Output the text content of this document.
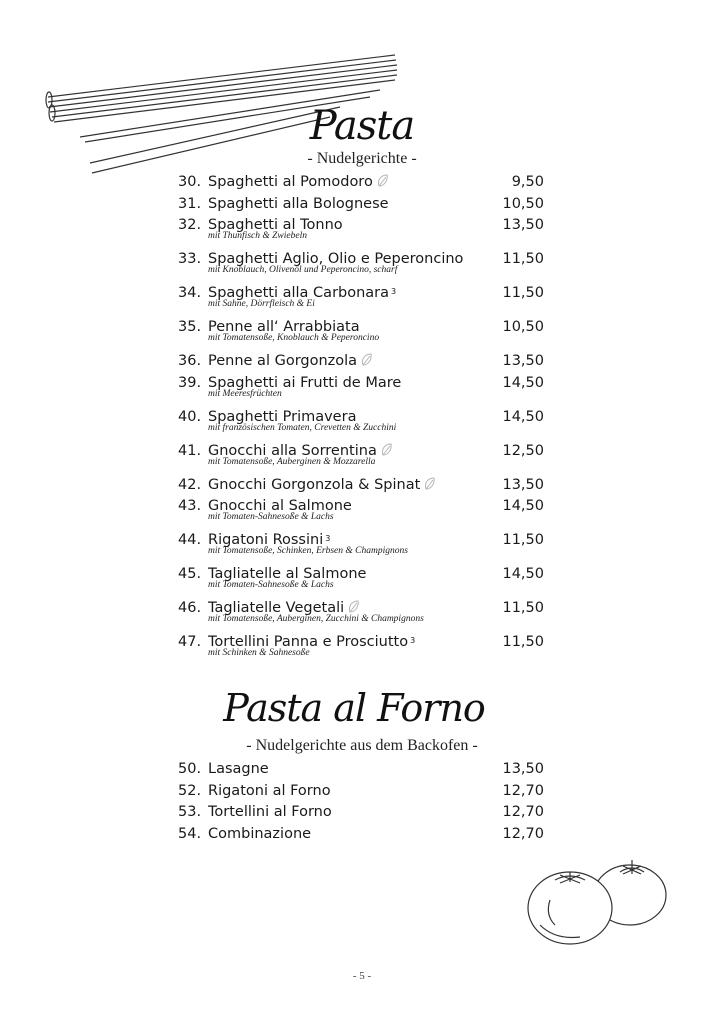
Pasta
- Nudelgerichte -
30. Spaghetti al Pomodoro	9,50
31. Spaghetti alla Bolognese	10,50
32. Spaghetti al Tonno	13,50
mit Thunfisch & Zwiebeln
33. Spaghetti Aglio, Olio e Peperoncino	11,50
mit Knoblauch, Olivenöl und Peperoncino, scharf
34. Spaghetti alla Carbonara $^3$	11,50
mit Sahne, Dörrfleisch & Ei
35. Penne all‘ Arrabbiata	10,50
mit Tomatensoße, Knoblauch & Peperoncino
36. Penne al Gorgonzola	13,50
39. Spaghetti ai Frutti de Mare	14,50
mit Meeresfrüchten
40. Spaghetti Primavera	14,50
mit französischen Tomaten, Crevetten & Zucchini
41. Gnocchi alla Sorrentina	12,50
mit Tomatensoße, Auberginen & Mozzarella
42. Gnocchi Gorgonzola & Spinat	13,50
43. Gnocchi al Salmone	14,50
mit Tomaten-Sahnesoße & Lachs
44. Rigatoni Rossini $^3$	11,50
mit Tomatensoße, Schinken, Erbsen & Champignons
45. Tagliatelle al Salmone	14,50
mit Tomaten-Sahnesoße & Lachs
46. Tagliatelle Vegetali	11,50
mit Tomatensoße, Auberginen, Zucchini & Champignons
47. Tortellini Panna e Prosciutto $^3$	11,50
mit Schinken & Sahnesoße
Pasta al Forno
- Nudelgerichte aus dem Backofen -
50. Lasagne	13,50
52. Rigatoni al Forno	12,70
53. Tortellini al Forno	12,70
54. Combinazione	12,70
- 5 -
